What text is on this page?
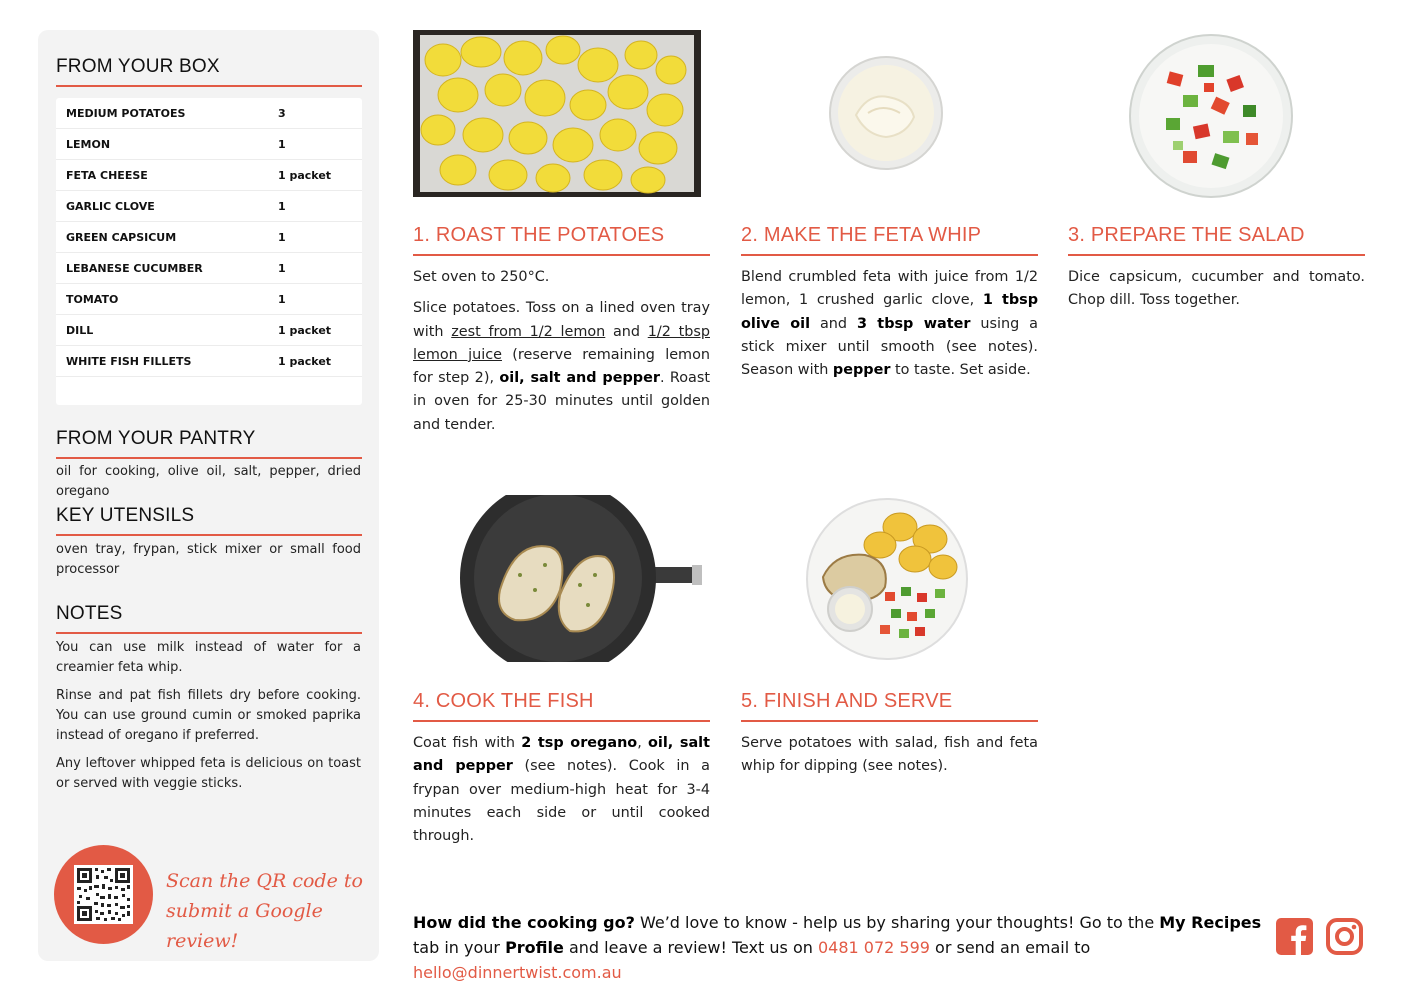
FROM YOUR BOX
MEDIUM POTATOES	3
LEMON	1
FETA CHEESE	1 packet
GARLIC CLOVE	1
GREEN CAPSICUM	1
LEBANESE CUCUMBER	1
TOMATO	1
DILL	1 packet
WHITE FISH FILLETS	1 packet
FROM YOUR PANTRY
oil for cooking, olive oil, salt, pepper, dried oregano
KEY UTENSILS
oven tray, frypan, stick mixer or small food processor
NOTES

You can use milk instead of water for a creamier feta whip.

Rinse and pat fish fillets dry before cooking. You can use ground cumin or smoked paprika instead of oregano if preferred.

Any leftover whipped feta is delicious on toast or served with veggie sticks.

Scan the QR code to
submit a Google review!
1. ROAST THE POTATOES

Set oven to 250°C.

Slice potatoes. Toss on a lined oven tray with zest from 1/2 lemon and 1/2 tbsp lemon juice (reserve remaining lemon for step 2), oil, salt and pepper. Roast in oven for 25-30 minutes until golden and tender.

2. MAKE THE FETA WHIP

Blend crumbled feta with juice from 1/2 lemon, 1 crushed garlic clove, 1 tbsp olive oil and 3 tbsp water using a stick mixer until smooth (see notes). Season with pepper to taste. Set aside.

3. PREPARE THE SALAD

Dice capsicum, cucumber and tomato. Chop dill. Toss together.

4. COOK THE FISH

Coat fish with 2 tsp oregano, oil, salt and pepper (see notes). Cook in a frypan over medium-high heat for 3-4 minutes each side or until cooked through.

5. FINISH AND SERVE

Serve potatoes with salad, fish and feta whip for dipping (see notes).

How did the cooking go? We’d love to know - help us by sharing your thoughts! Go to the My Recipes tab in your Profile and leave a review! Text us on 0481 072 599 or send an email to hello@dinnertwist.com.au
